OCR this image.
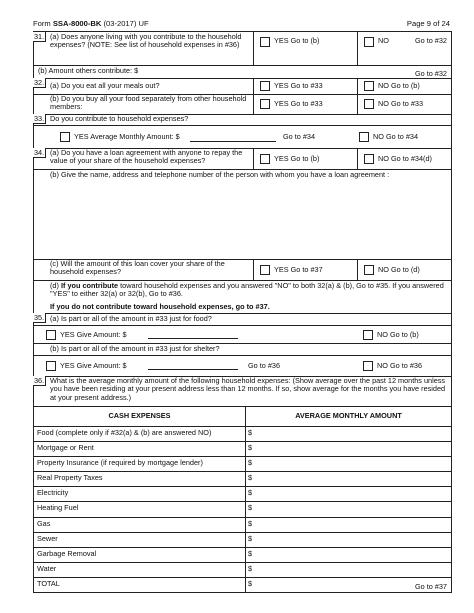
Form SSA-8000-BK (03-2017) UF	Page 9 of 24
31. (a) Does anyone living with you contribute to the household expenses? (NOTE: See list of household expenses in #36)	YES Go to (b)	NO	Go to #32
(b) Amount others contribute: $	Go to #32
32. (a) Do you eat all your meals out?	YES Go to #33	NO Go to (b)
(b) Do you buy all your food separately from other household members:	YES Go to #33	NO Go to #33
33. Do you contribute to household expenses?
YES Average Monthly Amount: $	Go to #34	NO Go to #34
34. (a) Do you have a loan agreement with anyone to repay the value of your share of the household expenses?	YES Go to (b)	NO Go to #34(d)
(b) Give the name, address and telephone number of the person with whom you have a loan agreement :
(c) Will the amount of this loan cover your share of the household expenses?	YES Go to #37	NO Go to (d)
(d) If you contribute toward household expenses and you answered "NO" to both 32(a) & (b), Go to #35. If you answered "YES" to either 32(a) or 32(b), Go to #36.
If you do not contribute toward household expenses, go to #37.
35. (a) Is part or all of the amount in #33 just for food?
YES Give Amount: $	NO Go to (b)
(b) Is part or all of the amount in #33 just for shelter?
YES Give Amount: $	Go to #36	NO Go to #36
36. What is the average monthly amount of the following household expenses: (Show average over the past 12 months unless you have been residing at your present address less than 12 months. If so, show average for the months you have resided at your present address.)
CASH EXPENSES	AVERAGE MONTHLY AMOUNT
Food (complete only if #32(a) & (b) are answered NO)	$
Mortgage or Rent	$
Property Insurance (if required by mortgage lender)	$
Real Property Taxes	$
Electricity	$
Heating Fuel	$
Gas	$
Sewer	$
Garbage Removal	$
Water	$
TOTAL	$	Go to #37
